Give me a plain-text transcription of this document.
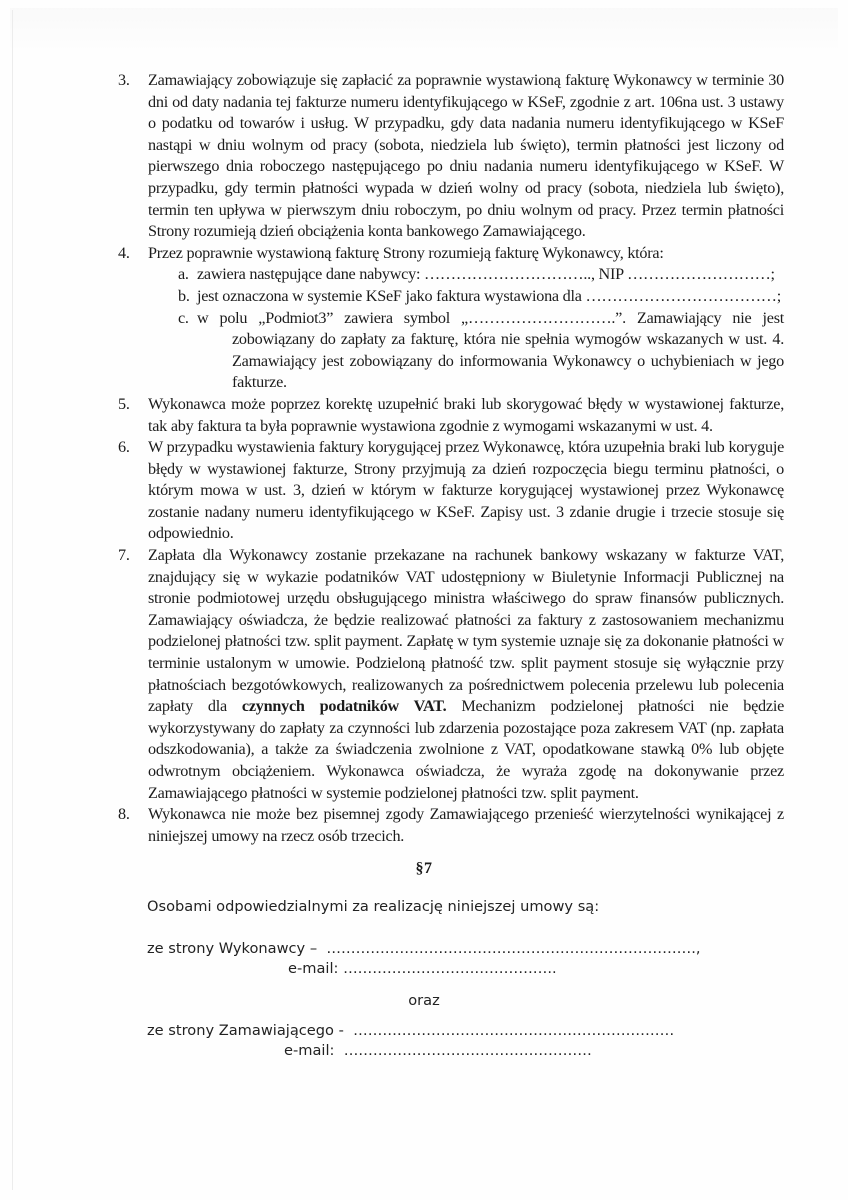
3. Zamawiający zobowiązuje się zapłacić za poprawnie wystawioną fakturę Wykonawcy w terminie 30 dni od daty nadania tej fakturze numeru identyfikującego w KSeF, zgodnie z art. 106na ust. 3 ustawy o podatku od towarów i usług. W przypadku, gdy data nadania numeru identyfikującego w KSeF nastąpi w dniu wolnym od pracy (sobota, niedziela lub święto), termin płatności jest liczony od pierwszego dnia roboczego następującego po dniu nadania numeru identyfikującego w KSeF. W przypadku, gdy termin płatności wypada w dzień wolny od pracy (sobota, niedziela lub święto), termin ten upływa w pierwszym dniu roboczym, po dniu wolnym od pracy. Przez termin płatności Strony rozumieją dzień obciążenia konta bankowego Zamawiającego.
4. Przez poprawnie wystawioną fakturę Strony rozumieją fakturę Wykonawcy, która:
a. zawiera następujące dane nabywcy: ………………………….., NIP ………………………;
b. jest oznaczona w systemie KSeF jako faktura wystawiona dla ………………………………;
c. w polu „Podmiot3” zawiera symbol „……………………….”. Zamawiający nie jest
zobowiązany do zapłaty za fakturę, która nie spełnia wymogów wskazanych w ust. 4. Zamawiający jest zobowiązany do informowania Wykonawcy o uchybieniach w jego fakturze.
5. Wykonawca może poprzez korektę uzupełnić braki lub skorygować błędy w wystawionej fakturze, tak aby faktura ta była poprawnie wystawiona zgodnie z wymogami wskazanymi w ust. 4.
6. W przypadku wystawienia faktury korygującej przez Wykonawcę, która uzupełnia braki lub koryguje błędy w wystawionej fakturze, Strony przyjmują za dzień rozpoczęcia biegu terminu płatności, o którym mowa w ust. 3, dzień w którym w fakturze korygującej wystawionej przez Wykonawcę zostanie nadany numeru identyfikującego w KSeF. Zapisy ust. 3 zdanie drugie i trzecie stosuje się odpowiednio.
7. Zapłata dla Wykonawcy zostanie przekazane na rachunek bankowy wskazany w fakturze VAT, znajdujący się w wykazie podatników VAT udostępniony w Biuletynie Informacji Publicznej na stronie podmiotowej urzędu obsługującego ministra właściwego do spraw finansów publicznych. Zamawiający oświadcza, że będzie realizować płatności za faktury z zastosowaniem mechanizmu podzielonej płatności tzw. split payment. Zapłatę w tym systemie uznaje się za dokonanie płatności w terminie ustalonym w umowie. Podzieloną płatność tzw. split payment stosuje się wyłącznie przy płatnościach bezgotówkowych, realizowanych za pośrednictwem polecenia przelewu lub polecenia zapłaty dla czynnych podatników VAT. Mechanizm podzielonej płatności nie będzie wykorzystywany do zapłaty za czynności lub zdarzenia pozostające poza zakresem VAT (np. zapłata odszkodowania), a także za świadczenia zwolnione z VAT, opodatkowane stawką 0% lub objęte odwrotnym obciążeniem. Wykonawca oświadcza, że wyraża zgodę na dokonywanie przez Zamawiającego płatności w systemie podzielonej płatności tzw. split payment.
8. Wykonawca nie może bez pisemnej zgody Zamawiającego przenieść wierzytelności wynikającej z niniejszej umowy na rzecz osób trzecich.
§7
Osobami odpowiedzialnymi za realizację niniejszej umowy są:
ze strony Wykonawcy –  ………………………………………………………………….,
e-mail: ……………………………………..
oraz
ze strony Zamawiającego -  …………………………………………………………
e-mail:  ……………………………………………
